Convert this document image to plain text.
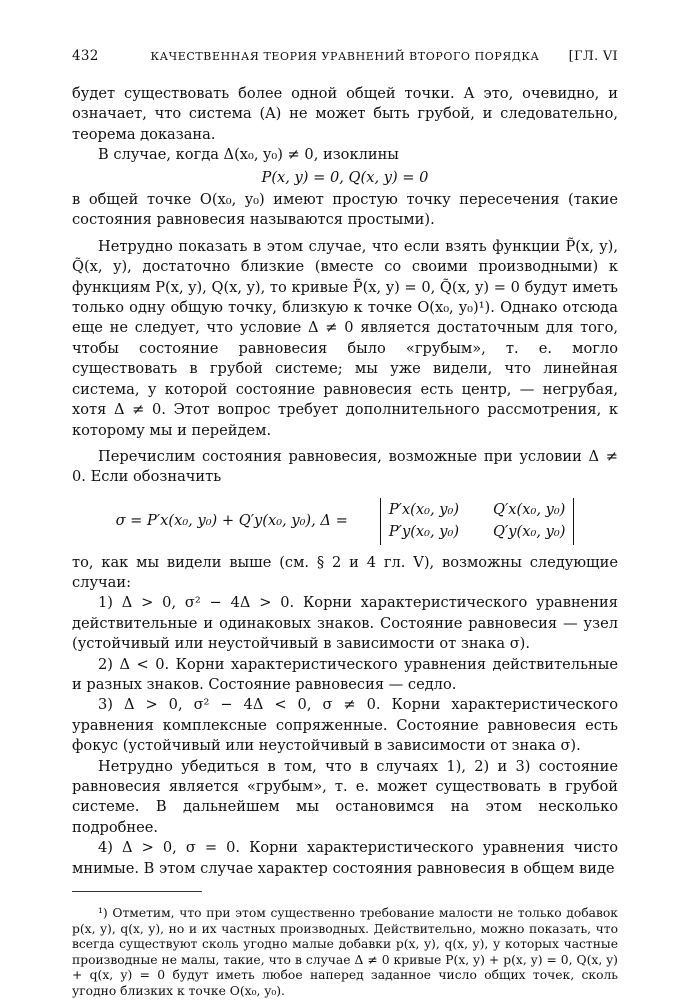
432	КАЧЕСТВЕННАЯ ТЕОРИЯ УРАВНЕНИЙ ВТОРОГО ПОРЯДКА	[ГЛ. VI

будет существовать более одной общей точки. А это, очевидно, и означает, что система (A) не может быть грубой, и следовательно, теорема доказана.

В случае, когда Δ(x₀, y₀) ≠ 0, изоклины

P(x, y) = 0, Q(x, y) = 0

в общей точке O(x₀, y₀) имеют простую точку пересечения (такие состояния равновесия называются простыми).

Нетрудно показать в этом случае, что если взять функции P̃(x, y), Q̃(x, y), достаточно близкие (вместе со своими производными) к функциям P(x, y), Q(x, y), то кривые P̃(x, y) = 0, Q̃(x, y) = 0 будут иметь только одну общую точку, близкую к точке O(x₀, y₀)¹). Однако отсюда еще не следует, что условие Δ ≠ 0 является достаточным для того, чтобы состояние равновесия было «грубым», т. е. могло существовать в грубой системе; мы уже видели, что линейная система, у которой состояние равновесия есть центр, — негрубая, хотя Δ ≠ 0. Этот вопрос требует дополнительного рассмотрения, к которому мы и перейдем.

Перечислим состояния равновесия, возможные при условии Δ ≠ 0. Если обозначить

σ = P′x(x₀, y₀) + Q′y(x₀, y₀), Δ =
P′x(x₀, y₀) Q′x(x₀, y₀)
P′y(x₀, y₀) Q′y(x₀, y₀)

то, как мы видели выше (см. § 2 и 4 гл. V), возможны следующие случаи:

1) Δ > 0, σ² − 4Δ > 0. Корни характеристического уравнения действительные и одинаковых знаков. Состояние равновесия — узел (устойчивый или неустойчивый в зависимости от знака σ).

2) Δ < 0. Корни характеристического уравнения действительные и разных знаков. Состояние равновесия — седло.

3) Δ > 0, σ² − 4Δ < 0, σ ≠ 0. Корни характеристического уравнения комплексные сопряженные. Состояние равновесия есть фокус (устойчивый или неустойчивый в зависимости от знака σ).

Нетрудно убедиться в том, что в случаях 1), 2) и 3) состояние равновесия является «грубым», т. е. может существовать в грубой системе. В дальнейшем мы остановимся на этом несколько подробнее.

4) Δ > 0, σ = 0. Корни характеристического уравнения чисто мнимые. В этом случае характер состояния равновесия в общем виде

¹) Отметим, что при этом существенно требование малости не только добавок p(x, y), q(x, y), но и их частных производных. Действительно, можно показать, что всегда существуют сколь угодно малые добавки p(x, y), q(x, y), у которых частные производные не малы, такие, что в случае Δ ≠ 0 кривые P(x, y) + p(x, y) = 0, Q(x, y) + q(x, y) = 0 будут иметь любое наперед заданное число общих точек, сколь угодно близких к точке O(x₀, y₀).
